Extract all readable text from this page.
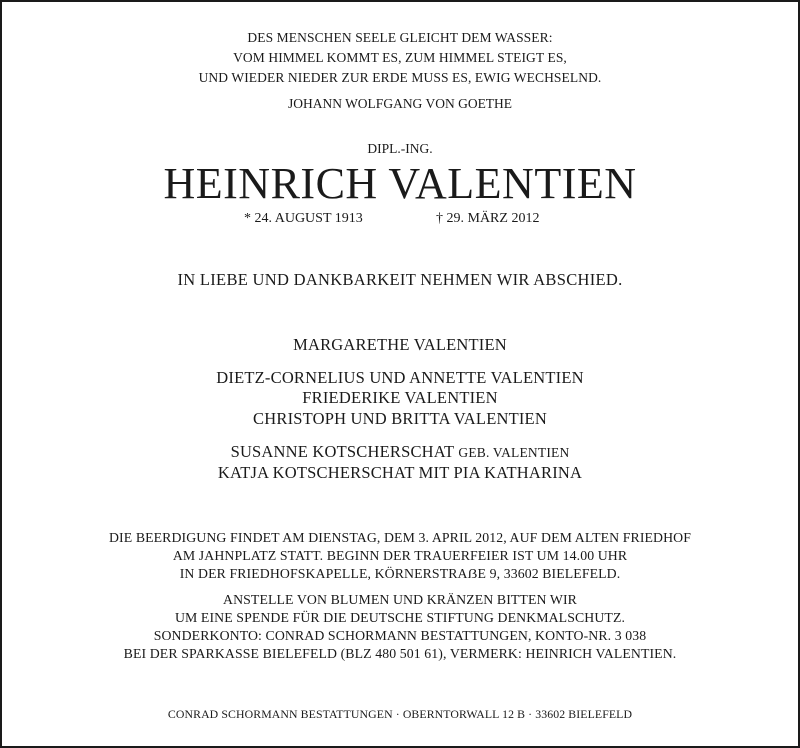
DES MENSCHEN SEELE GLEICHT DEM WASSER:
VOM HIMMEL KOMMT ES, ZUM HIMMEL STEIGT ES,
UND WIEDER NIEDER ZUR ERDE MUSS ES, EWIG WECHSELND.
JOHANN WOLFGANG VON GOETHE
DIPL.-ING.
HEINRICH VALENTIEN
* 24. AUGUST 1913	† 29. MÄRZ 2012
IN LIEBE UND DANKBARKEIT NEHMEN WIR ABSCHIED.
MARGARETHE VALENTIEN
DIETZ-CORNELIUS UND ANNETTE VALENTIEN
FRIEDERIKE VALENTIEN
CHRISTOPH UND BRITTA VALENTIEN
SUSANNE KOTSCHERSCHAT GEB. VALENTIEN
KATJA KOTSCHERSCHAT MIT PIA KATHARINA
DIE BEERDIGUNG FINDET AM DIENSTAG, DEM 3. APRIL 2012, AUF DEM ALTEN FRIEDHOF
AM JAHNPLATZ STATT. BEGINN DER TRAUERFEIER IST UM 14.00 UHR
IN DER FRIEDHOFSKAPELLE, KÖRNERSTRAẞE 9, 33602 BIELEFELD.
ANSTELLE VON BLUMEN UND KRÄNZEN BITTEN WIR
UM EINE SPENDE FÜR DIE DEUTSCHE STIFTUNG DENKMALSCHUTZ.
SONDERKONTO: CONRAD SCHORMANN BESTATTUNGEN, KONTO-NR. 3 038
BEI DER SPARKASSE BIELEFELD (BLZ 480 501 61), VERMERK: HEINRICH VALENTIEN.
CONRAD SCHORMANN BESTATTUNGEN · OBERNTORWALL 12 B · 33602 BIELEFELD
